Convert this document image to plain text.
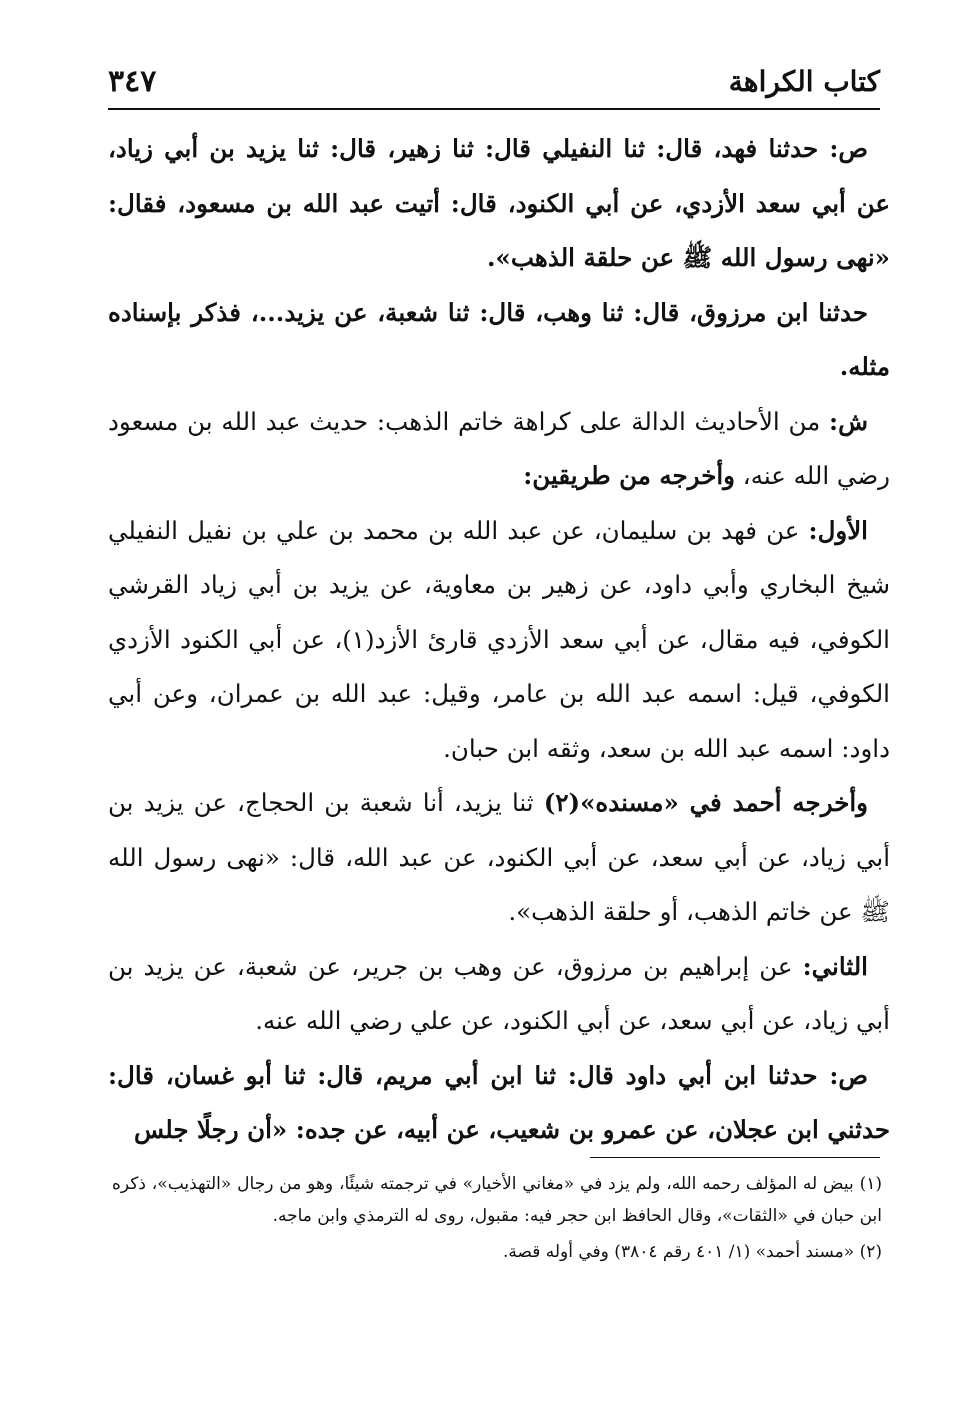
كتاب الكراهة
٣٤٧

ص: حدثنا فهد، قال: ثنا النفيلي قال: ثنا زهير، قال: ثنا يزيد بن أبي زياد، عن أبي سعد الأزدي، عن أبي الكنود، قال: أتيت عبد الله بن مسعود، فقال: «نهى رسول الله ﷺ عن حلقة الذهب».

حدثنا ابن مرزوق، قال: ثنا وهب، قال: ثنا شعبة، عن يزيد...، فذكر بإسناده مثله.

ش: من الأحاديث الدالة على كراهة خاتم الذهب: حديث عبد الله بن مسعود رضي الله عنه، وأخرجه من طريقين:

الأول: عن فهد بن سليمان، عن عبد الله بن محمد بن علي بن نفيل النفيلي شيخ البخاري وأبي داود، عن زهير بن معاوية، عن يزيد بن أبي زياد القرشي الكوفي، فيه مقال، عن أبي سعد الأزدي قارئ الأزد(١)، عن أبي الكنود الأزدي الكوفي، قيل: اسمه عبد الله بن عامر، وقيل: عبد الله بن عمران، وعن أبي داود: اسمه عبد الله بن سعد، وثقه ابن حبان.

وأخرجه أحمد في «مسنده»(٢) ثنا يزيد، أنا شعبة بن الحجاج، عن يزيد بن أبي زياد، عن أبي سعد، عن أبي الكنود، عن عبد الله، قال: «نهى رسول الله ﷺ عن خاتم الذهب، أو حلقة الذهب».

الثاني: عن إبراهيم بن مرزوق، عن وهب بن جرير، عن شعبة، عن يزيد بن أبي زياد، عن أبي سعد، عن أبي الكنود، عن علي رضي الله عنه.

ص: حدثنا ابن أبي داود قال: ثنا ابن أبي مريم، قال: ثنا أبو غسان، قال: حدثني ابن عجلان، عن عمرو بن شعيب، عن أبيه، عن جده: «أن رجلًا جلس

(١) بيض له المؤلف رحمه الله، ولم يزد في «مغاني الأخيار» في ترجمته شيئًا، وهو من رجال «التهذيب»، ذكره ابن حبان في «الثقات»، وقال الحافظ ابن حجر فيه: مقبول، روى له الترمذي وابن ماجه.

(٢) «مسند أحمد» (١/ ٤٠١ رقم ٣٨٠٤) وفي أوله قصة.
